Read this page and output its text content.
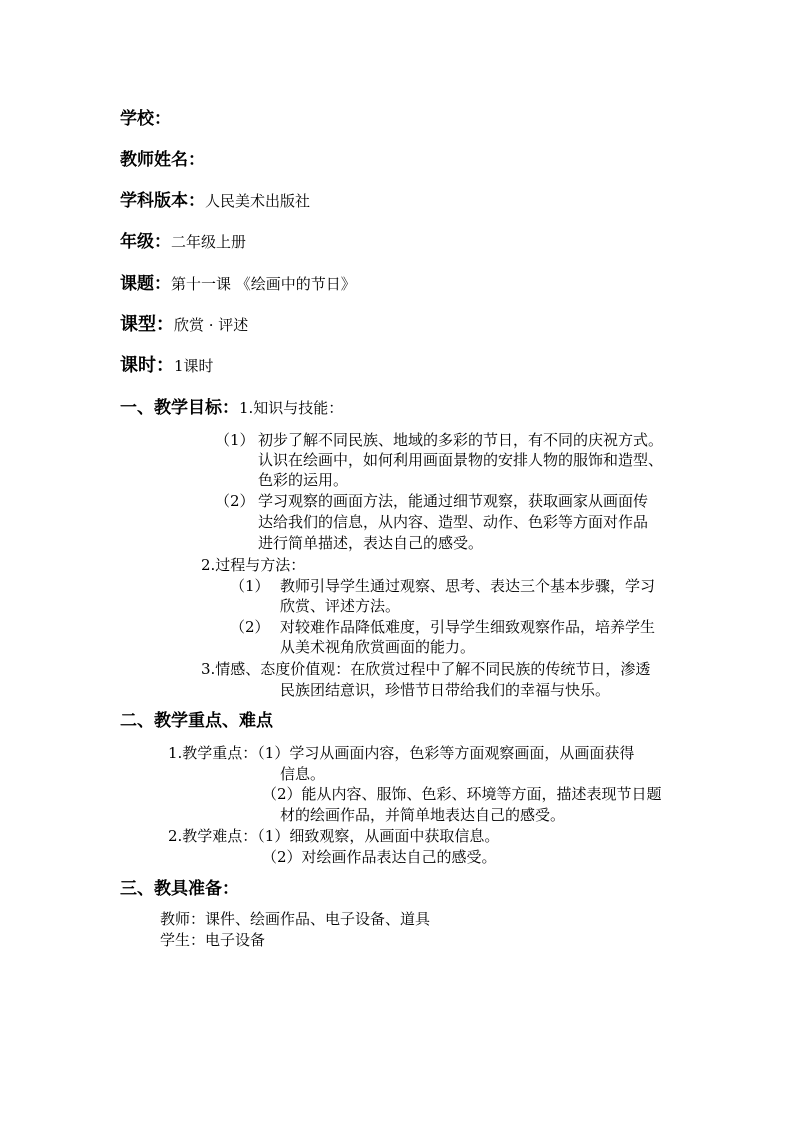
学校：
教师姓名：
学科版本：人民美术出版社
年级：二年级上册
课题：第十一课 《绘画中的节日》
课型：欣赏 · 评述
课时：1课时
一、教学目标：1.知识与技能：
（1） 初步了解不同民族、地域的多彩的节日，有不同的庆祝方式。
认识在绘画中，如何利用画面景物的安排人物的服饰和造型、
色彩的运用。
（2） 学习观察的画面方法，能通过细节观察，获取画家从画面传
达给我们的信息，从内容、造型、动作、色彩等方面对作品
进行简单描述，表达自己的感受。
2.过程与方法：
（1） 教师引导学生通过观察、思考、表达三个基本步骤，学习
欣赏、评述方法。
（2） 对较难作品降低难度，引导学生细致观察作品，培养学生
从美术视角欣赏画面的能力。
3.情感、态度价值观：在欣赏过程中了解不同民族的传统节日，渗透
民族团结意识，珍惜节日带给我们的幸福与快乐。
二、教学重点、难点
1.教学重点：（1）学习从画面内容，色彩等方面观察画面，从画面获得
信息。
（2）能从内容、服饰、色彩、环境等方面，描述表现节日题
材的绘画作品，并简单地表达自己的感受。
2.教学难点：（1）细致观察，从画面中获取信息。
（2）对绘画作品表达自己的感受。
三、教具准备：
教师：课件、绘画作品、电子设备、道具
学生：电子设备
